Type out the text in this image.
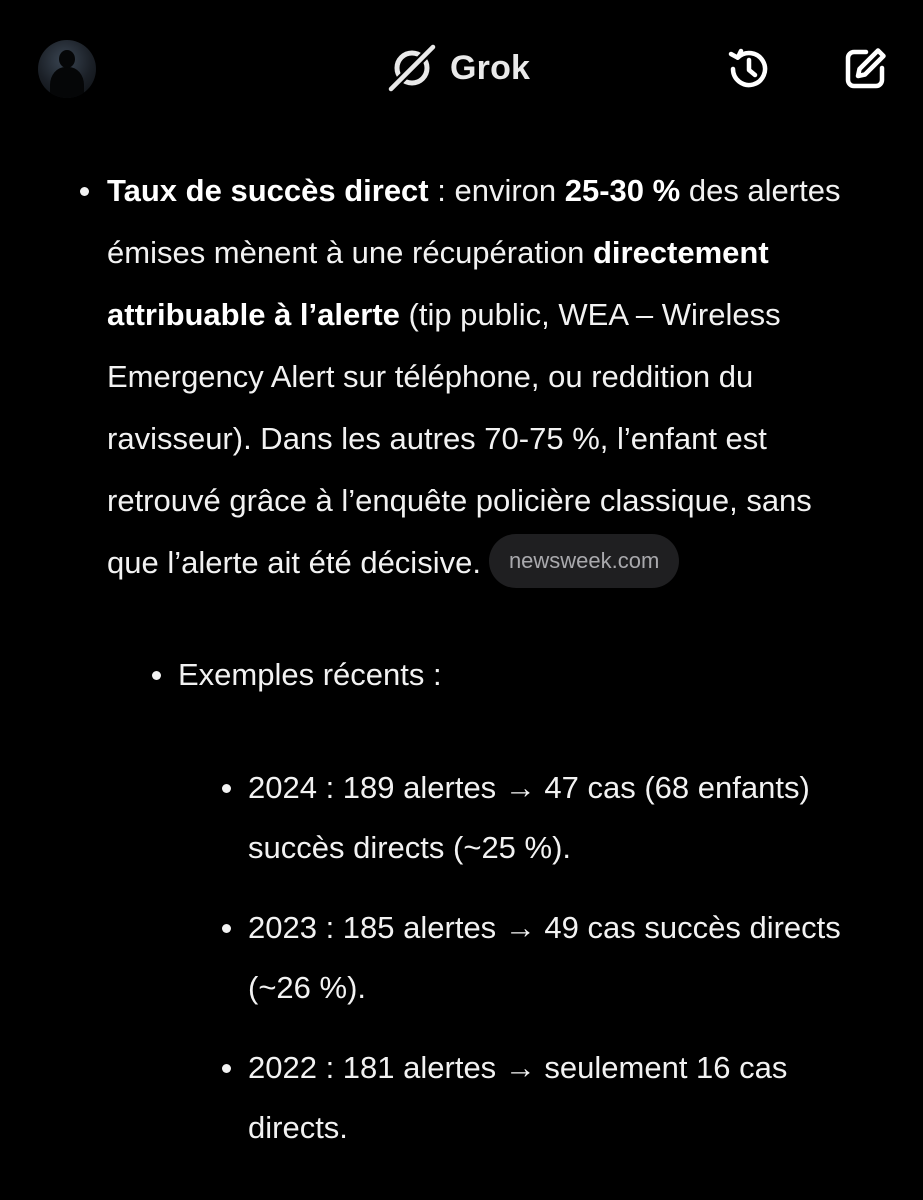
Grok
Taux de succès direct : environ 25-30 % des alertes émises mènent à une récupération directement attribuable à l’alerte (tip public, WEA – Wireless Emergency Alert sur téléphone, ou reddition du ravisseur). Dans les autres 70-75 %, l’enfant est retrouvé grâce à l’enquête policière classique, sans que l’alerte ait été décisive. newsweek.com
Exemples récents :
2024 : 189 alertes → 47 cas (68 enfants) succès directs (~25 %).
2023 : 185 alertes → 49 cas succès directs (~26 %).
2022 : 181 alertes → seulement 16 cas directs.
